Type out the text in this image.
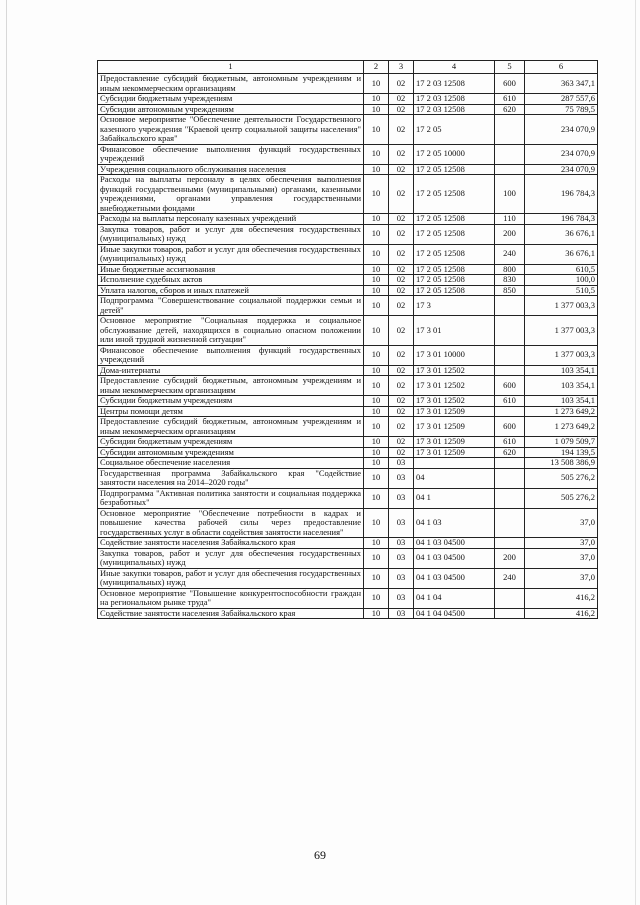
1	2	3	4	5	6
Предоставление субсидий бюджетным, автономным учреждениям и иным некоммерческим организациям	10	02	17 2 03 12508	600	363 347,1
Субсидии бюджетным учреждениям	10	02	17 2 03 12508	610	287 557,6
Субсидии автономным учреждениям	10	02	17 2 03 12508	620	75 789,5
Основное мероприятие "Обеспечение деятельности Государственного казенного учреждения "Краевой центр социальной защиты населения" Забайкальского края"	10	02	17 2 05		234 070,9
Финансовое обеспечение выполнения функций государственных учреждений	10	02	17 2 05 10000		234 070,9
Учреждения социального обслуживания населения	10	02	17 2 05 12508		234 070,9
Расходы на выплаты персоналу в целях обеспечения выполнения функций государственными (муниципальными) органами, казенными учреждениями, органами управления государственными внебюджетными фондами	10	02	17 2 05 12508	100	196 784,3
Расходы на выплаты персоналу казенных учреждений	10	02	17 2 05 12508	110	196 784,3
Закупка товаров, работ и услуг для обеспечения государственных (муниципальных) нужд	10	02	17 2 05 12508	200	36 676,1
Иные закупки товаров, работ и услуг для обеспечения государственных (муниципальных) нужд	10	02	17 2 05 12508	240	36 676,1
Иные бюджетные ассигнования	10	02	17 2 05 12508	800	610,5
Исполнение судебных актов	10	02	17 2 05 12508	830	100,0
Уплата налогов, сборов и иных платежей	10	02	17 2 05 12508	850	510,5
Подпрограмма "Совершенствование социальной поддержки семьи и детей"	10	02	17 3		1 377 003,3
Основное мероприятие "Социальная поддержка и социальное обслуживание детей, находящихся в социально опасном положении или иной трудной жизненной ситуации"	10	02	17 3 01		1 377 003,3
Финансовое обеспечение выполнения функций государственных учреждений	10	02	17 3 01 10000		1 377 003,3
Дома-интернаты	10	02	17 3 01 12502		103 354,1
Предоставление субсидий бюджетным, автономным учреждениям и иным некоммерческим организациям	10	02	17 3 01 12502	600	103 354,1
Субсидии бюджетным учреждениям	10	02	17 3 01 12502	610	103 354,1
Центры помощи детям	10	02	17 3 01 12509		1 273 649,2
Предоставление субсидий бюджетным, автономным учреждениям и иным некоммерческим организациям	10	02	17 3 01 12509	600	1 273 649,2
Субсидии бюджетным учреждениям	10	02	17 3 01 12509	610	1 079 509,7
Субсидии автономным учреждениям	10	02	17 3 01 12509	620	194 139,5
Социальное обеспечение населения	10	03			13 508 386,9
Государственная программа Забайкальского края "Содействие занятости населения на 2014–2020 годы"	10	03	04		505 276,2
Подпрограмма "Активная политика занятости и социальная поддержка безработных"	10	03	04 1		505 276,2
Основное мероприятие "Обеспечение потребности в кадрах и повышение качества рабочей силы через предоставление государственных услуг в области содействия занятости населения"	10	03	04 1 03		37,0
Содействие занятости населения Забайкальского края	10	03	04 1 03 04500		37,0
Закупка товаров, работ и услуг для обеспечения государственных (муниципальных) нужд	10	03	04 1 03 04500	200	37,0
Иные закупки товаров, работ и услуг для обеспечения государственных (муниципальных) нужд	10	03	04 1 03 04500	240	37,0
Основное мероприятие "Повышение конкурентоспособности граждан на региональном рынке труда"	10	03	04 1 04		416,2
Содействие занятости населения Забайкальского края	10	03	04 1 04 04500		416,2
69
